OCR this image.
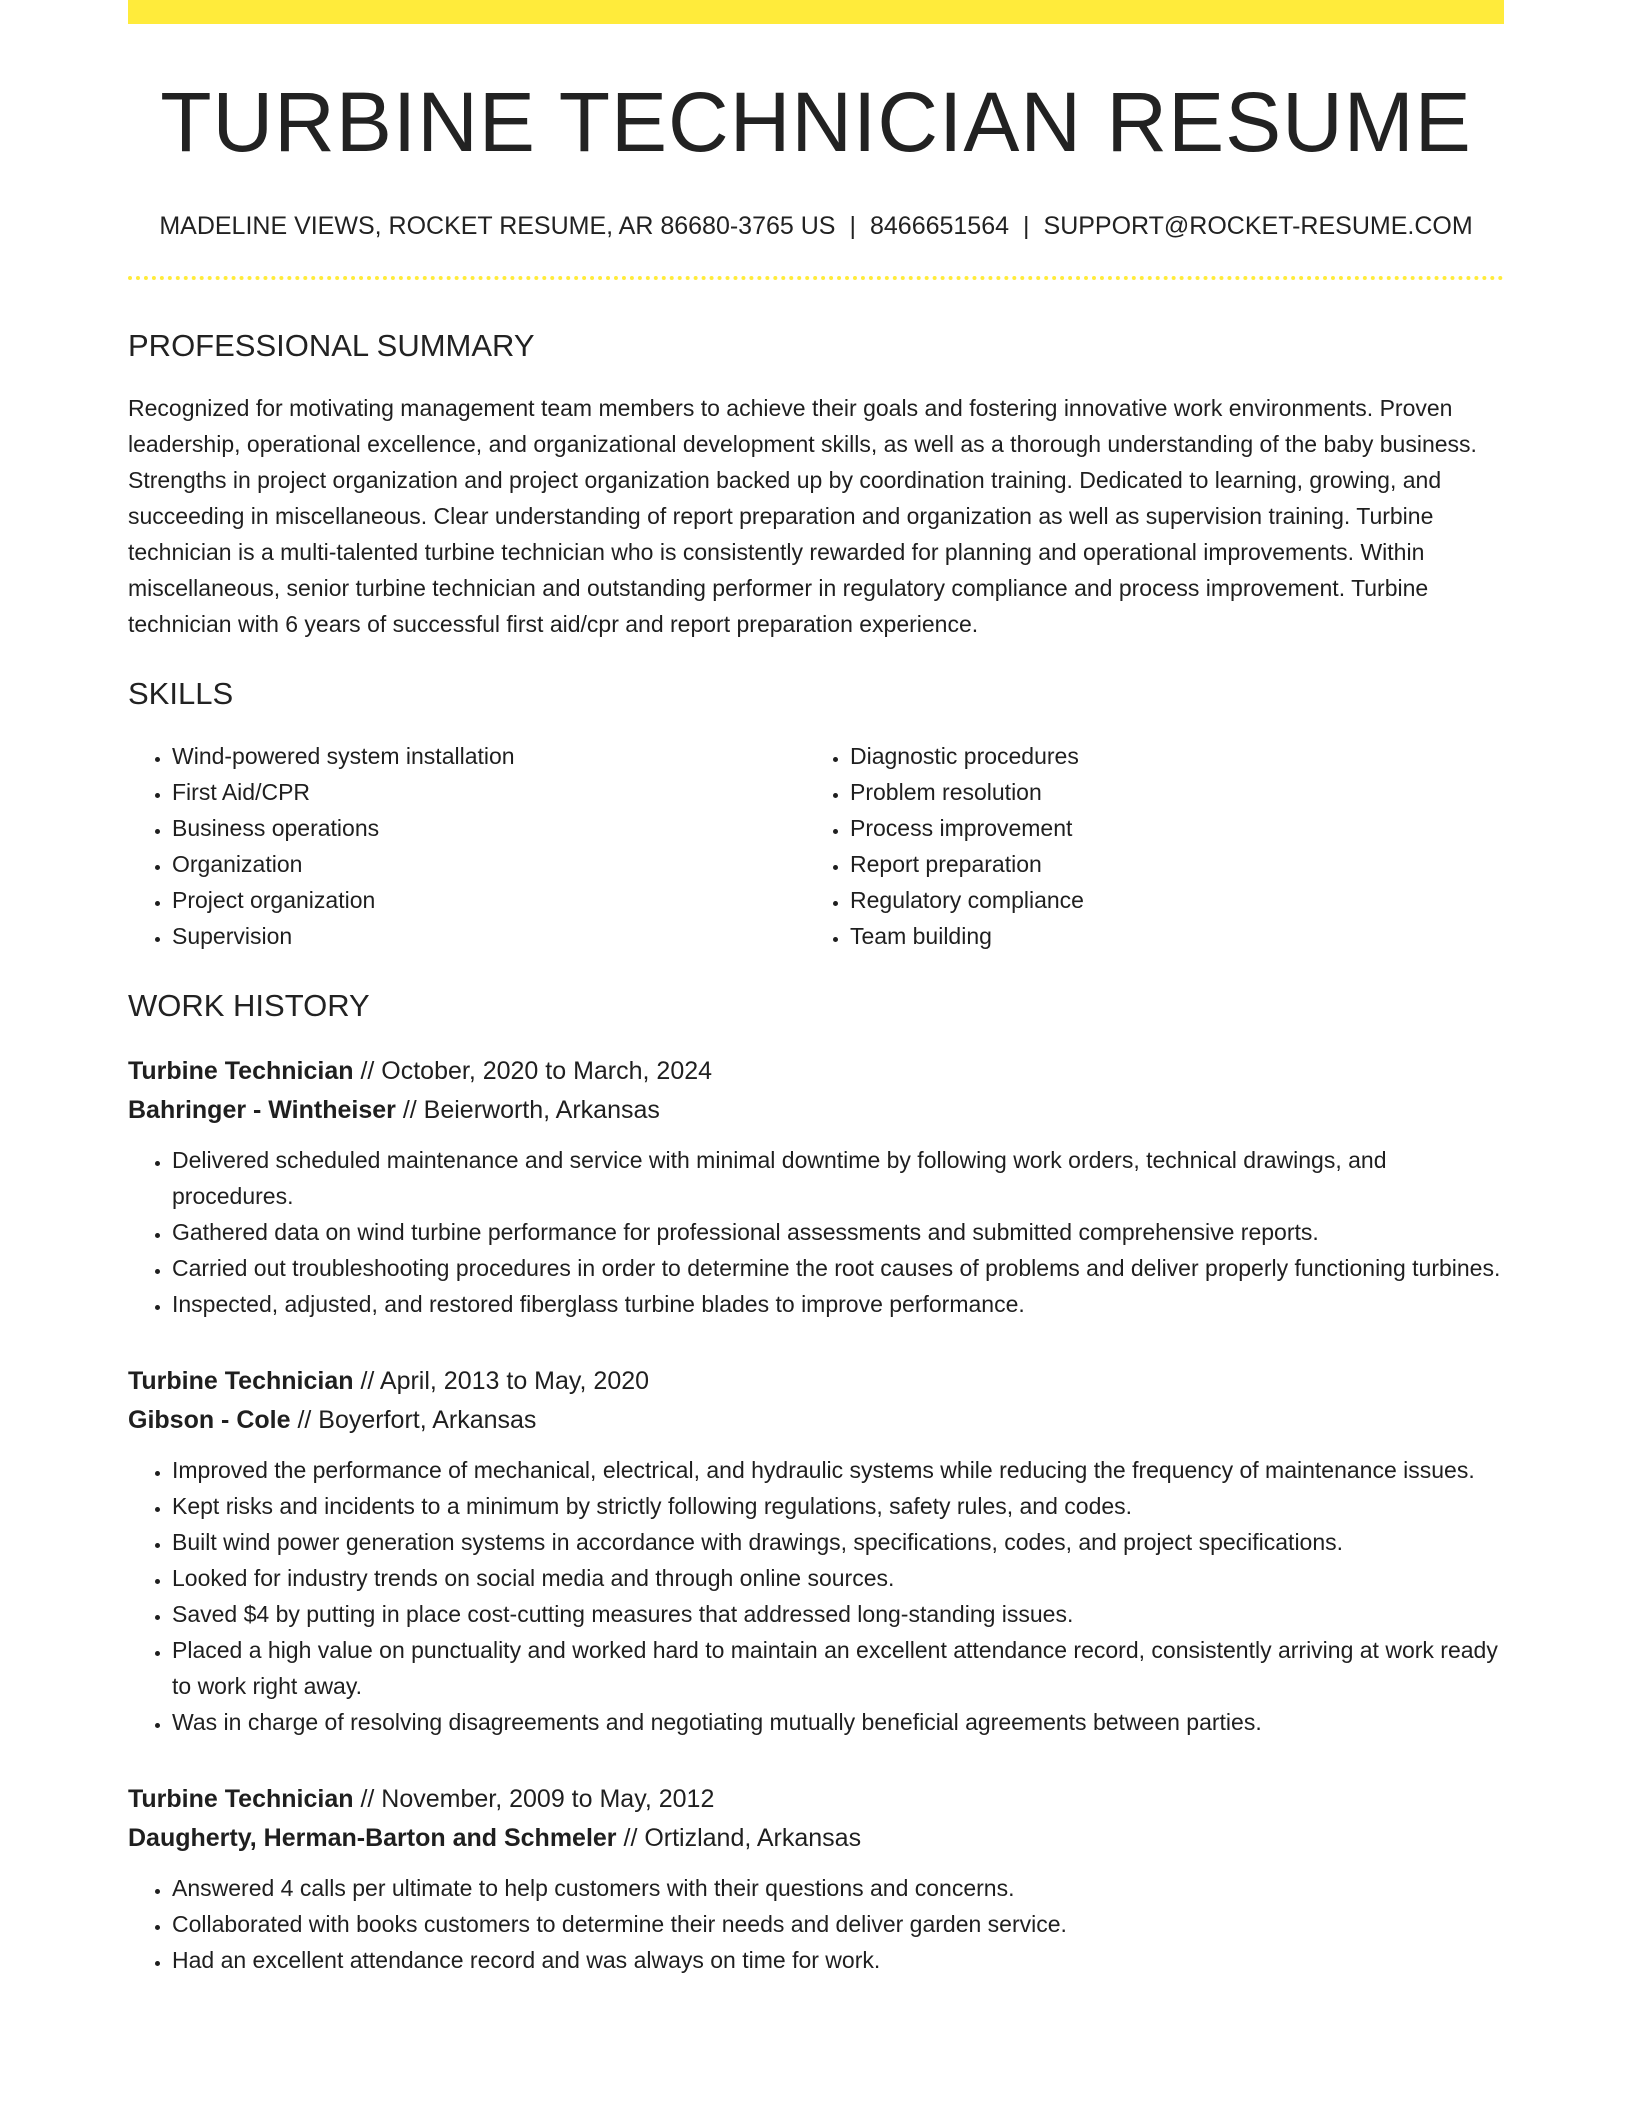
TURBINE TECHNICIAN RESUME
MADELINE VIEWS, ROCKET RESUME, AR 86680-3765 US | 8466651564 | SUPPORT@ROCKET-RESUME.COM
PROFESSIONAL SUMMARY

Recognized for motivating management team members to achieve their goals and fostering innovative work environments. Proven leadership, operational excellence, and organizational development skills, as well as a thorough understanding of the baby business. Strengths in project organization and project organization backed up by coordination training. Dedicated to learning, growing, and succeeding in miscellaneous. Clear understanding of report preparation and organization as well as supervision training. Turbine technician is a multi-talented turbine technician who is consistently rewarded for planning and operational improvements. Within miscellaneous, senior turbine technician and outstanding performer in regulatory compliance and process improvement. Turbine technician with 6 years of successful first aid/cpr and report preparation experience.

SKILLS
• Wind-powered system installation
• First Aid/CPR
• Business operations
• Organization
• Project organization
• Supervision
• Diagnostic procedures
• Problem resolution
• Process improvement
• Report preparation
• Regulatory compliance
• Team building
WORK HISTORY
Turbine Technician // October, 2020 to March, 2024
Bahringer - Wintheiser // Beierworth, Arkansas
• Delivered scheduled maintenance and service with minimal downtime by following work orders, technical drawings, and procedures.
• Gathered data on wind turbine performance for professional assessments and submitted comprehensive reports.
• Carried out troubleshooting procedures in order to determine the root causes of problems and deliver properly functioning turbines.
• Inspected, adjusted, and restored fiberglass turbine blades to improve performance.
Turbine Technician // April, 2013 to May, 2020
Gibson - Cole // Boyerfort, Arkansas
• Improved the performance of mechanical, electrical, and hydraulic systems while reducing the frequency of maintenance issues.
• Kept risks and incidents to a minimum by strictly following regulations, safety rules, and codes.
• Built wind power generation systems in accordance with drawings, specifications, codes, and project specifications.
• Looked for industry trends on social media and through online sources.
• Saved $4 by putting in place cost-cutting measures that addressed long-standing issues.
• Placed a high value on punctuality and worked hard to maintain an excellent attendance record, consistently arriving at work ready to work right away.
• Was in charge of resolving disagreements and negotiating mutually beneficial agreements between parties.
Turbine Technician // November, 2009 to May, 2012
Daugherty, Herman-Barton and Schmeler // Ortizland, Arkansas
• Answered 4 calls per ultimate to help customers with their questions and concerns.
• Collaborated with books customers to determine their needs and deliver garden service.
• Had an excellent attendance record and was always on time for work.
